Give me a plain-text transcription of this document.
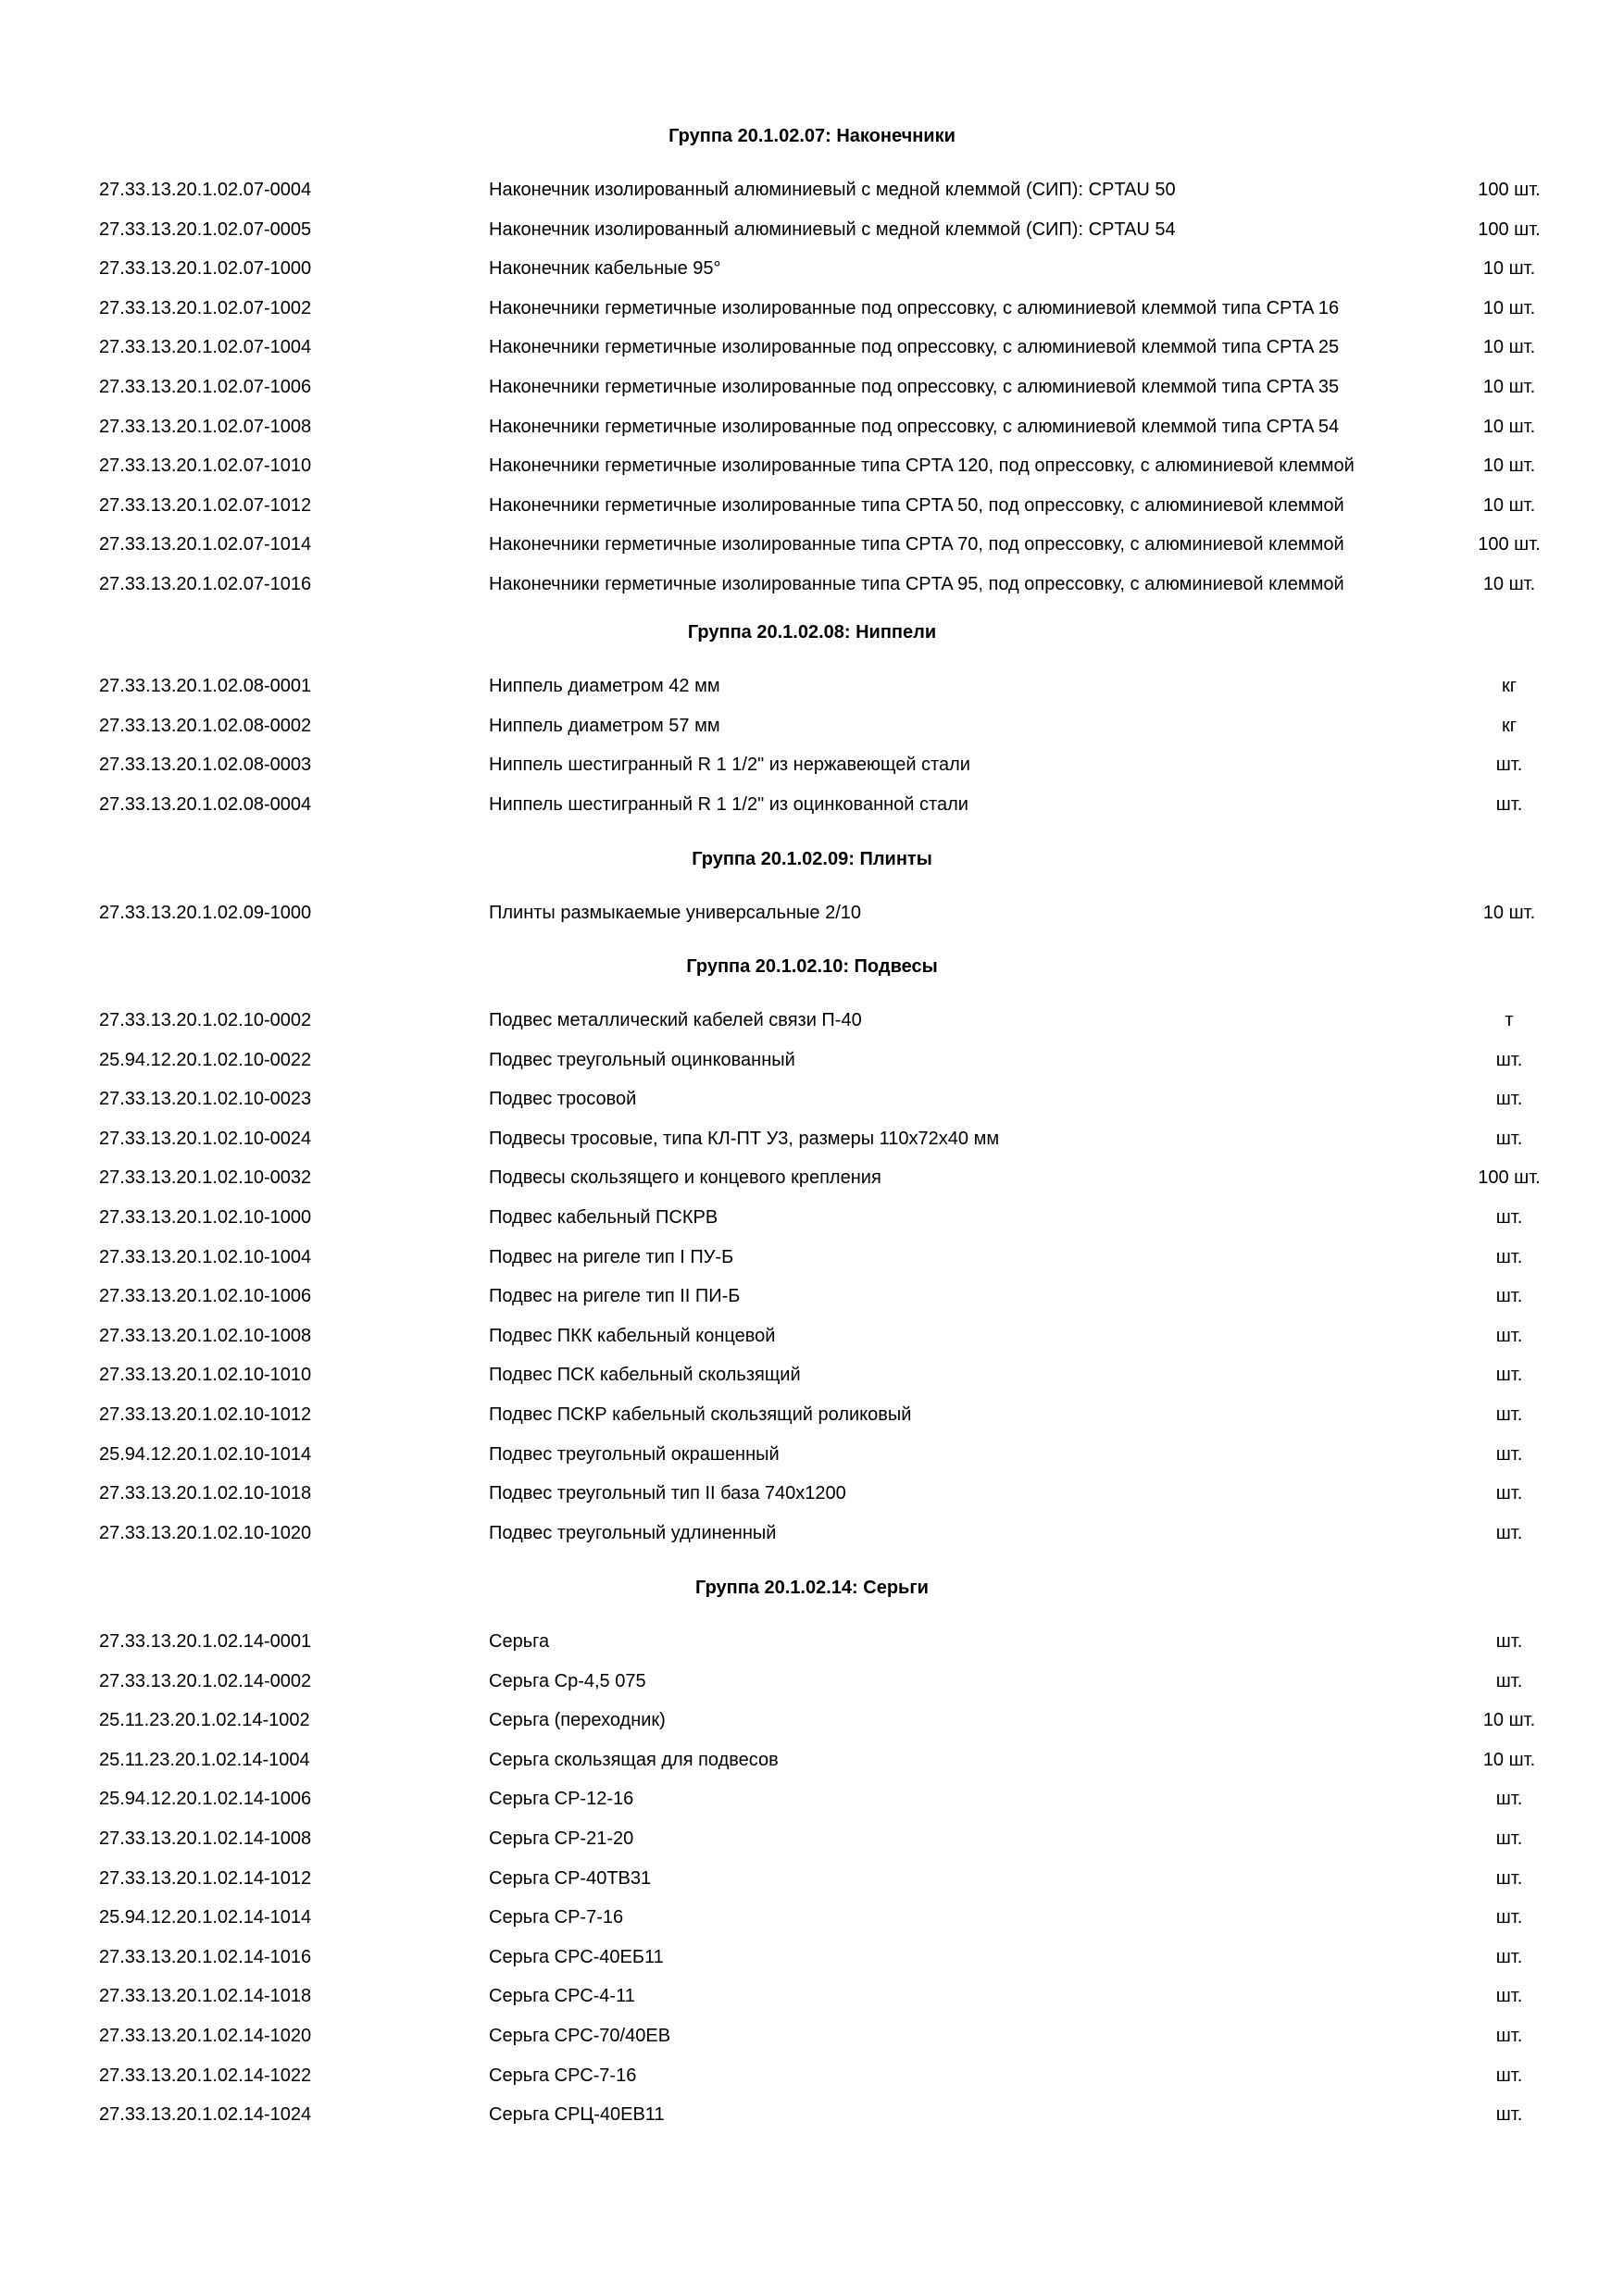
Группа 20.1.02.07: Наконечники
27.33.13.20.1.02.07-0004	Наконечник изолированный алюминиевый с медной клеммой (СИП): CPTAU 50	100 шт.
27.33.13.20.1.02.07-0005	Наконечник изолированный алюминиевый с медной клеммой (СИП): CPTAU 54	100 шт.
27.33.13.20.1.02.07-1000	Наконечник кабельные 95°	10 шт.
27.33.13.20.1.02.07-1002	Наконечники герметичные изолированные под опрессовку, с алюминиевой клеммой типа CPTA 16	10 шт.
27.33.13.20.1.02.07-1004	Наконечники герметичные изолированные под опрессовку, с алюминиевой клеммой типа CPTA 25	10 шт.
27.33.13.20.1.02.07-1006	Наконечники герметичные изолированные под опрессовку, с алюминиевой клеммой типа CPTA 35	10 шт.
27.33.13.20.1.02.07-1008	Наконечники герметичные изолированные под опрессовку, с алюминиевой клеммой типа CPTA 54	10 шт.
27.33.13.20.1.02.07-1010	Наконечники герметичные изолированные типа CPTA 120, под опрессовку, с алюминиевой клеммой	10 шт.
27.33.13.20.1.02.07-1012	Наконечники герметичные изолированные типа CPTA 50, под опрессовку, с алюминиевой клеммой	10 шт.
27.33.13.20.1.02.07-1014	Наконечники герметичные изолированные типа CPTA 70, под опрессовку, с алюминиевой клеммой	100 шт.
27.33.13.20.1.02.07-1016	Наконечники герметичные изолированные типа CPTA 95, под опрессовку, с алюминиевой клеммой	10 шт.
Группа 20.1.02.08: Ниппели
27.33.13.20.1.02.08-0001	Ниппель диаметром 42 мм	кг
27.33.13.20.1.02.08-0002	Ниппель диаметром 57 мм	кг
27.33.13.20.1.02.08-0003	Ниппель шестигранный R 1 1/2" из нержавеющей стали	шт.
27.33.13.20.1.02.08-0004	Ниппель шестигранный R 1 1/2" из оцинкованной стали	шт.
Группа 20.1.02.09: Плинты
27.33.13.20.1.02.09-1000	Плинты размыкаемые универсальные 2/10	10 шт.
Группа 20.1.02.10: Подвесы
27.33.13.20.1.02.10-0002	Подвес металлический кабелей связи П-40	т
25.94.12.20.1.02.10-0022	Подвес треугольный оцинкованный	шт.
27.33.13.20.1.02.10-0023	Подвес тросовой	шт.
27.33.13.20.1.02.10-0024	Подвесы тросовые, типа КЛ-ПТ У3, размеры 110х72х40 мм	шт.
27.33.13.20.1.02.10-0032	Подвесы скользящего и концевого крепления	100 шт.
27.33.13.20.1.02.10-1000	Подвес кабельный ПСКРВ	шт.
27.33.13.20.1.02.10-1004	Подвес на ригеле тип I ПУ-Б	шт.
27.33.13.20.1.02.10-1006	Подвес на ригеле тип II ПИ-Б	шт.
27.33.13.20.1.02.10-1008	Подвес ПКК кабельный концевой	шт.
27.33.13.20.1.02.10-1010	Подвес ПСК кабельный скользящий	шт.
27.33.13.20.1.02.10-1012	Подвес ПСКР кабельный скользящий роликовый	шт.
25.94.12.20.1.02.10-1014	Подвес треугольный окрашенный	шт.
27.33.13.20.1.02.10-1018	Подвес треугольный тип II база 740х1200	шт.
27.33.13.20.1.02.10-1020	Подвес треугольный удлиненный	шт.
Группа 20.1.02.14: Серьги
27.33.13.20.1.02.14-0001	Серьга	шт.
27.33.13.20.1.02.14-0002	Серьга Ср-4,5 075	шт.
25.11.23.20.1.02.14-1002	Серьга (переходник)	10 шт.
25.11.23.20.1.02.14-1004	Серьга скользящая для подвесов	10 шт.
25.94.12.20.1.02.14-1006	Серьга СР-12-16	шт.
27.33.13.20.1.02.14-1008	Серьга СР-21-20	шт.
27.33.13.20.1.02.14-1012	Серьга СР-40ТВ31	шт.
25.94.12.20.1.02.14-1014	Серьга СР-7-16	шт.
27.33.13.20.1.02.14-1016	Серьга СРС-40ЕБ11	шт.
27.33.13.20.1.02.14-1018	Серьга СРС-4-11	шт.
27.33.13.20.1.02.14-1020	Серьга СРС-70/40ЕВ	шт.
27.33.13.20.1.02.14-1022	Серьга СРС-7-16	шт.
27.33.13.20.1.02.14-1024	Серьга СРЦ-40ЕВ11	шт.
